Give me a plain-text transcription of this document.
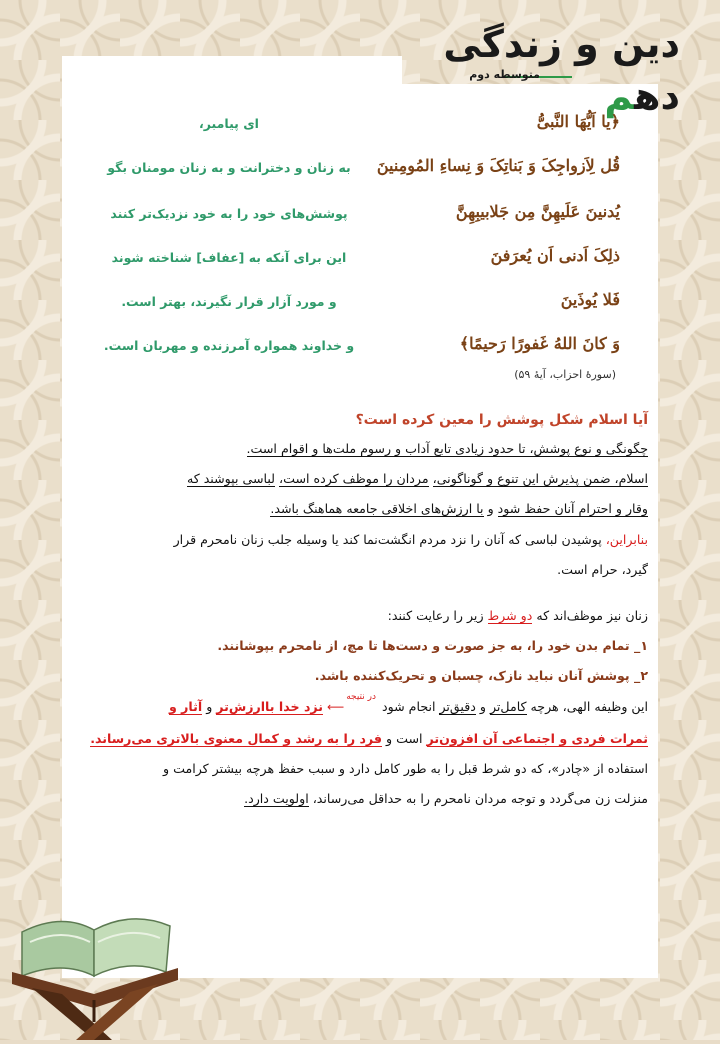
دین و زندگی دهم
متوسطه دوم
﴿یا اَیُّهَا النَّبیُّ
ای پیامبر،
قُل لِاَزواجِکَ وَ بَناتِکَ وَ نِساءِ المُومِنینَ
به زنان و دخترانت و به زنان مومنان بگو
یُدنینَ عَلَیهِنَّ مِن جَلابیبِهِنَّ
پوشش‌های خود را به خود نزدیک‌تر کنند
ذلِکَ اَدنی اَن یُعرَفنَ
این برای آنکه به [عفاف] شناخته شوند
فَلا یُوذَینَ
و مورد آزار قرار نگیرند، بهتر است.
وَ کانَ اللهُ غَفورًا رَحیمًا﴾
و خداوند همواره آمرزنده و مهربان است.
(سورۀ احزاب، آیۀ ۵۹)
آیا اسلام شکل پوشش را معین کرده است؟
چگونگی و نوع پوشش، تا حدود زیادی تابع آداب و رسوم ملت‌ها و اقوام است.
اسلام، ضمن پذیرش این تنوع و گوناگونی، مردان را موظف کرده است، لباسی بپوشند که
وقار و احترام آنان حفظ شود و با ارزش‌های اخلاقی جامعه هماهنگ باشد.
بنابراین، پوشیدن لباسی که آنان را نزد مردم انگشت‌نما کند یا وسیله جلب زنان نامحرم قرار
گیرد، حرام است.
زنان نیز موظف‌اند که دو شرط زیر را رعایت کنند:
۱_ تمام بدن خود را، به جز صورت و دست‌ها تا مچ، از نامحرم بپوشانند.
۲_ پوشش آنان نباید نازک، چسبان و تحریک‌کننده باشد.
این وظیفه الهی، هرچه کامل‌تر و دقیق‌تر انجام شود $^{در نتیجه}$⟵ نزد خدا باارزش‌تر و آثار و
ثمرات فردی و اجتماعی آن افزون‌تر است و فرد را به رشد و کمال معنوی بالاتری می‌رساند.
استفاده از «چادر»، که دو شرط قبل را به طور کامل دارد و سبب حفظ هرچه بیشتر کرامت و
منزلت زن می‌گردد و توجه مردان نامحرم را به حداقل می‌رساند، اولویت دارد.
